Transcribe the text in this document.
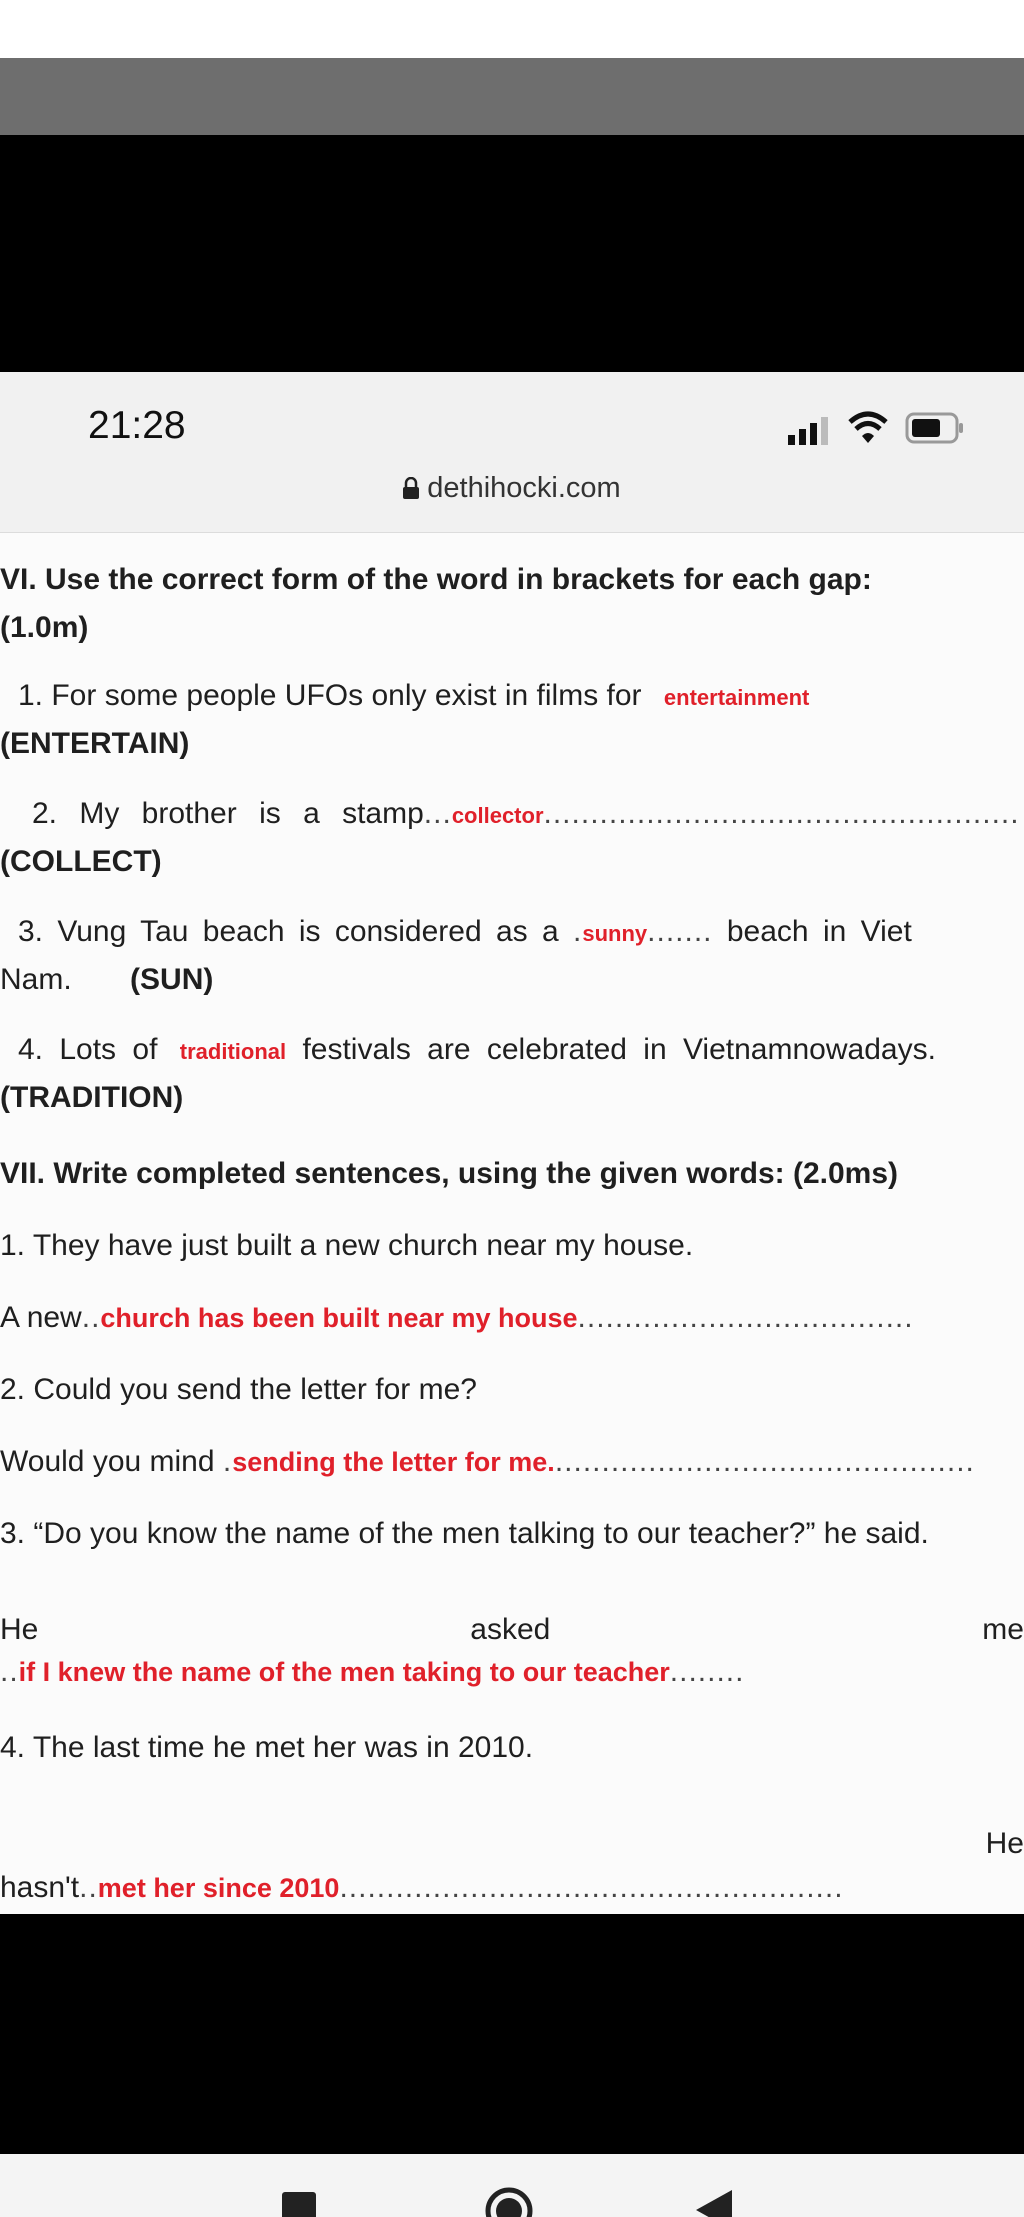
21:28
dethihocki.com
VI. Use the correct form of the word in brackets for each gap:
(1.0m)
1. For some people UFOs only exist in films for entertainment
(ENTERTAIN)
2. My brother is a stamp...collector...................................................
(COLLECT)
3. Vung Tau beach is considered as a .sunny....... beach in Viet
Nam. (SUN)
4. Lots of traditional festivals are celebrated in Vietnamnowadays.
(TRADITION)
VII. Write completed sentences, using the given words: (2.0ms)
1. They have just built a new church near my house.
A new..church has been built near my house....................................
2. Could you send the letter for me?
Would you mind .sending the letter for me..............................................
3. “Do you know the name of the men talking to our teacher?” he said.
He	asked	me
..if I knew the name of the men taking to our teacher........
4. The last time he met her was in 2010.
He
hasn't..met her since 2010......................................................
